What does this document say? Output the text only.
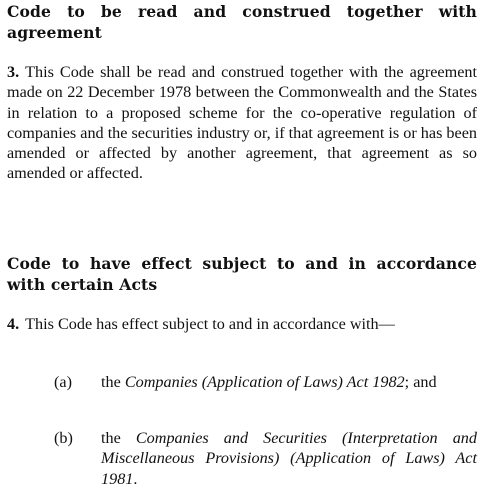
Code to be read and construed together with
agreement

3. This Code shall be read and construed together with the agreement made on 22 December 1978 between the Commonwealth and the States in relation to a proposed scheme for the co-operative regulation of companies and the securities industry or, if that agreement is or has been amended or affected by another agreement, that agreement as so amended or affected.

Code to have effect subject to and in accordance
with certain Acts

4. This Code has effect subject to and in accordance with—

(a) the Companies (Application of Laws) Act 1982; and
(b) the Companies and Securities (Interpretation and Miscellaneous Provisions) (Application of Laws) Act 1981.
